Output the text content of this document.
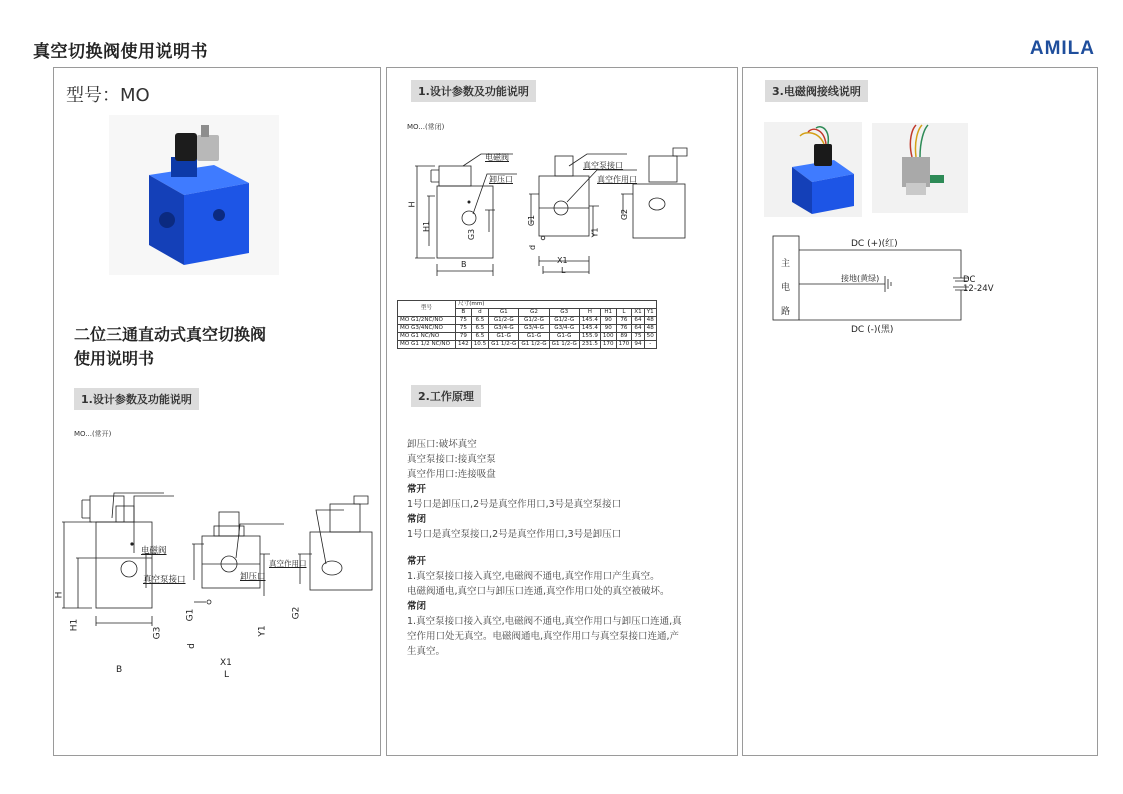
真空切换阀使用说明书	AMILA
型号：MO
二位三通直动式真空切换阀
使用说明书
1.设计参数及功能说明
MO...(常开)
电磁阀
真空泵接口	卸压口
真空作用口
H
H1
G3
G1
Y1
d
G2
B
X1
L
1.设计参数及功能说明
MO...(常闭)
电磁阀
卸压口
真空泵接口
真空作用口
H
H1
G3
G1
Y1
d
G2
B	X1
L
型号	尺寸(mm)									
	B	d	G1	G2	G3	H	H1	L	X1	Y1
MO G1/2NC/NO	75	6.5	G1/2-G	G1/2-G	G1/2-G	145.4	90	76	64	48
MO G3/4NC/NO	75	6.5	G3/4-G	G3/4-G	G3/4-G	145.4	90	76	64	48
MO G1 NC/NO	79	6.5	G1-G	G1-G	G1-G	155.9	100	89	75	50
MO G1 1/2 NC/NO	142	10.5	G1 1/2-G	G1 1/2-G	G1 1/2-G	231.5	170	170	94	-
2.工作原理
卸压口:破坏真空
真空泵接口:接真空泵
真空作用口:连接吸盘
常开
1号口是卸压口,2号是真空作用口,3号是真空泵接口
常闭
1号口是真空泵接口,2号是真空作用口,3号是卸压口
常开
1.真空泵接口接入真空,电磁阀不通电,真空作用口产生真空。
电磁阀通电,真空口与卸压口连通,真空作用口处的真空被破坏。
常闭
1.真空泵接口接入真空,电磁阀不通电,真空作用口与卸压口连通,真
空作用口处无真空。电磁阀通电,真空作用口与真空泵接口连通,产
生真空。
3.电磁阀接线说明
主
电
路
DC (+)(红)
接地(黄绿)	DC
12-24V
DC (-)(黑)
